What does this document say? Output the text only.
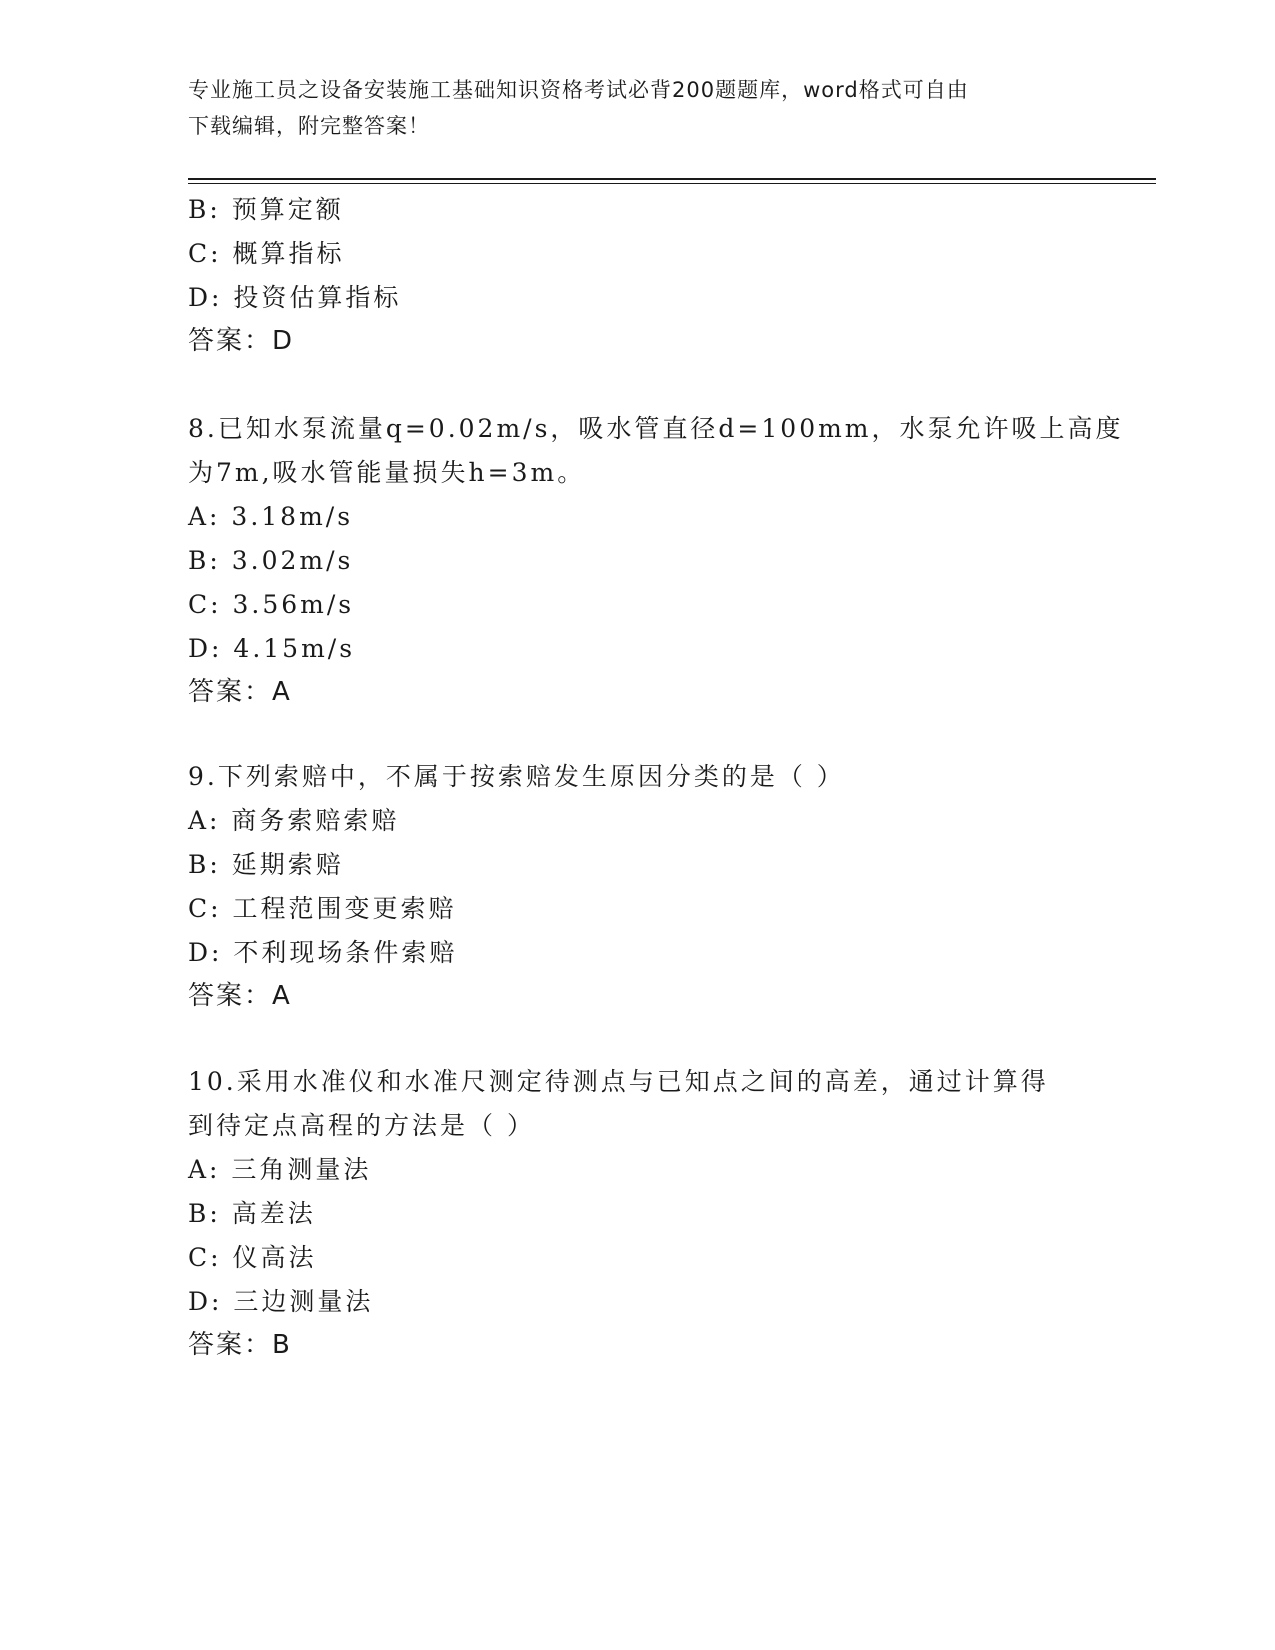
专业施工员之设备安装施工基础知识资格考试必背200题题库，word格式可自由
下载编辑，附完整答案！
B: 预算定额
C: 概算指标
D: 投资估算指标
答案：D
8.已知水泵流量q=0.02m/s，吸水管直径d=100mm，水泵允许吸上高度
为7m,吸水管能量损失h=3m。
A: 3.18m/s
B: 3.02m/s
C: 3.56m/s
D: 4.15m/s
答案：A
9.下列索赔中，不属于按索赔发生原因分类的是（ ）
A: 商务索赔索赔
B: 延期索赔
C: 工程范围变更索赔
D: 不利现场条件索赔
答案：A
10.采用水准仪和水准尺测定待测点与已知点之间的高差，通过计算得
到待定点高程的方法是（ ）
A: 三角测量法
B: 高差法
C: 仪高法
D: 三边测量法
答案：B
